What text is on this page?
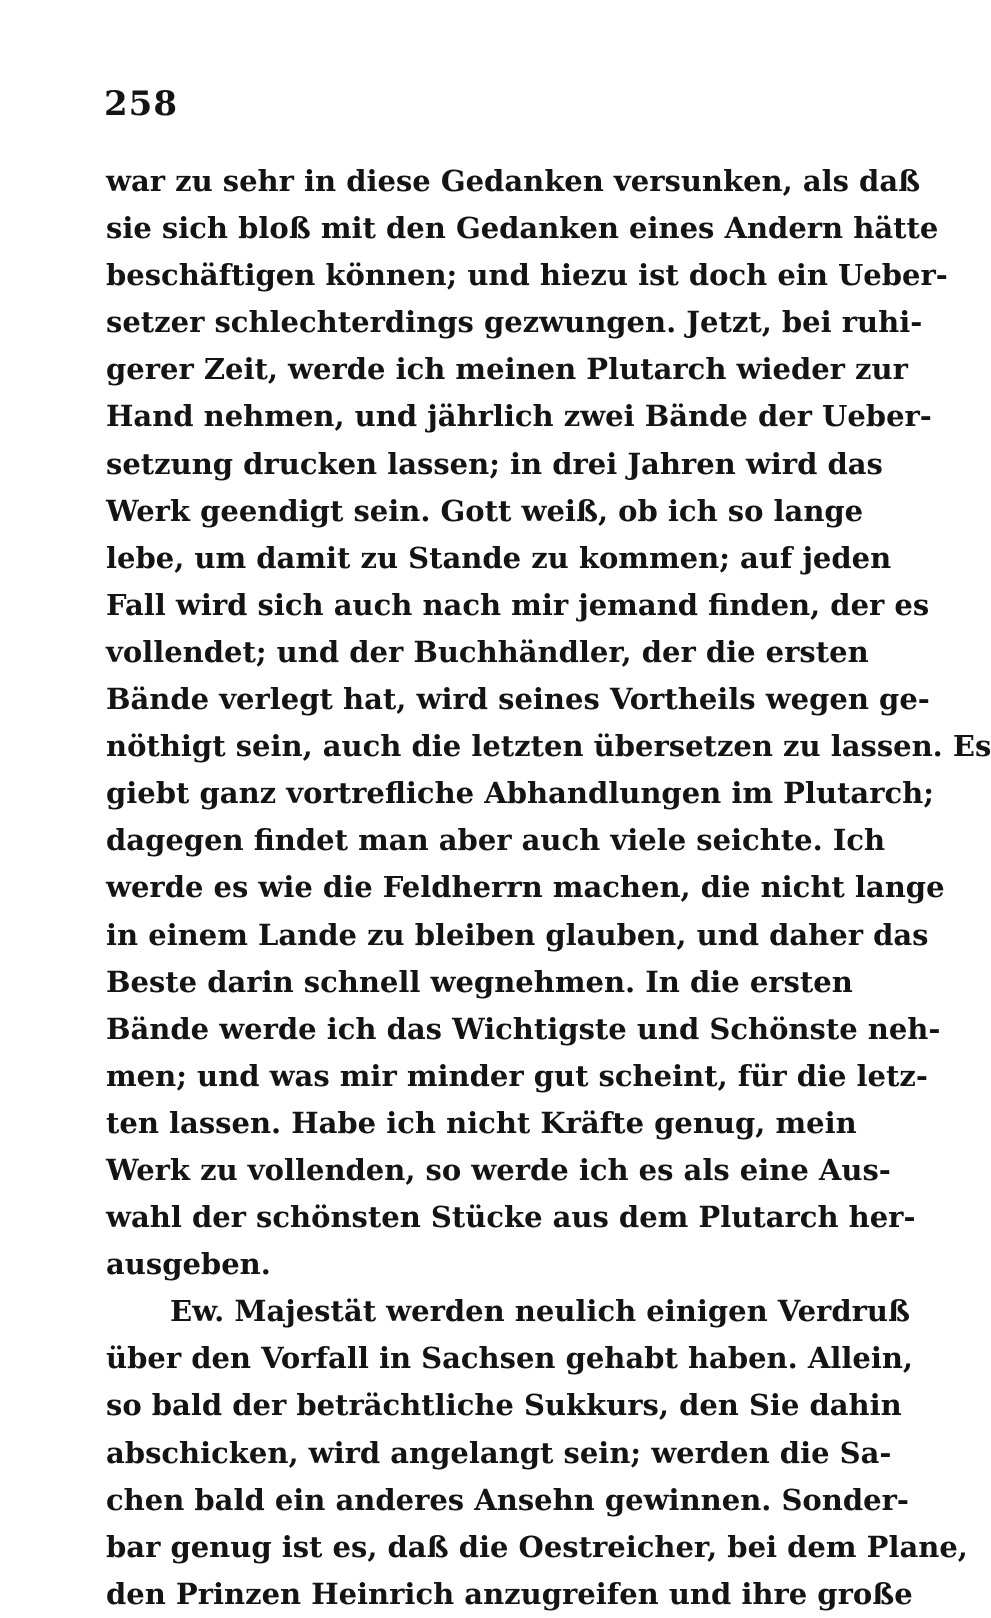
258
war zu sehr in diese Gedanken versunken, als daß
sie sich bloß mit den Gedanken eines Andern hätte
beschäftigen können; und hiezu ist doch ein Ueber-
setzer schlechterdings gezwungen. Jetzt, bei ruhi-
gerer Zeit, werde ich meinen Plutarch wieder zur
Hand nehmen, und jährlich zwei Bände der Ueber-
setzung drucken lassen; in drei Jahren wird das
Werk geendigt sein. Gott weiß, ob ich so lange
lebe, um damit zu Stande zu kommen; auf jeden
Fall wird sich auch nach mir jemand finden, der es
vollendet; und der Buchhändler, der die ersten
Bände verlegt hat, wird seines Vortheils wegen ge-
nöthigt sein, auch die letzten übersetzen zu lassen. Es
giebt ganz vortrefliche Abhandlungen im Plutarch;
dagegen findet man aber auch viele seichte. Ich
werde es wie die Feldherrn machen, die nicht lange
in einem Lande zu bleiben glauben, und daher das
Beste darin schnell wegnehmen. In die ersten
Bände werde ich das Wichtigste und Schönste neh-
men; und was mir minder gut scheint, für die letz-
ten lassen. Habe ich nicht Kräfte genug, mein
Werk zu vollenden, so werde ich es als eine Aus-
wahl der schönsten Stücke aus dem Plutarch her-
ausgeben.
Ew. Majestät werden neulich einigen Verdruß
über den Vorfall in Sachsen gehabt haben. Allein,
so bald der beträchtliche Sukkurs, den Sie dahin
abschicken, wird angelangt sein; werden die Sa-
chen bald ein anderes Ansehn gewinnen. Sonder-
bar genug ist es, daß die Oestreicher, bei dem Plane,
den Prinzen Heinrich anzugreifen und ihre große
